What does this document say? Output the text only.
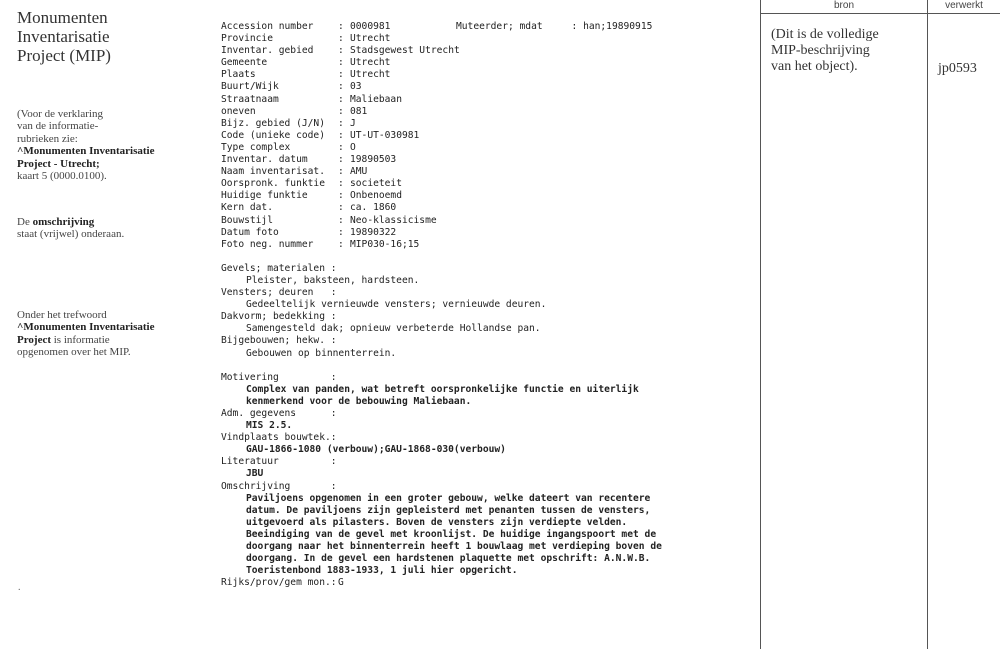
Monumenten
Inventarisatie
Project (MIP)
(Voor de verklaring
van de informatie-
rubrieken zie:
^Monumenten Inventarisatie
Project - Utrecht;
kaart 5 (0000.0100).
De omschrijving
staat (vrijwel) onderaan.
Onder het trefwoord
^Monumenten Inventarisatie
Project is informatie
opgenomen over het MIP.
.
Accession number	: 0000981	Muteerder; mdat     : han;19890915
Provincie	: Utrecht
Inventar. gebied	: Stadsgewest Utrecht
Gemeente	: Utrecht
Plaats	: Utrecht
Buurt/Wijk	: 03
Straatnaam	: Maliebaan
oneven	: 081
Bijz. gebied (J/N)	: J
Code (unieke code)	: UT-UT-030981
Type complex	: O
Inventar. datum	: 19890503
Naam inventarisat.	: AMU
Oorspronk. funktie	: societeit
Huidige funktie	: Onbenoemd
Kern dat.	: ca. 1860
Bouwstijl	: Neo-klassicisme
Datum foto	: 19890322
Foto neg. nummer	: MIP030-16;15
Gevels; materialen :
Pleister, baksteen, hardsteen.
Vensters; deuren   :
Gedeeltelijk vernieuwde vensters; vernieuwde deuren.
Dakvorm; bedekking :
Samengesteld dak; opnieuw verbeterde Hollandse pan.
Bijgebouwen; hekw. :
Gebouwen op binnenterrein.
Motivering         :
Complex van panden, wat betreft oorspronkelijke functie en uiterlijk
kenmerkend voor de bebouwing Maliebaan.
Adm. gegevens      :
MIS 2.5.
Vindplaats bouwtek.:
GAU-1866-1080 (verbouw);GAU-1868-030(verbouw)
Literatuur         :
JBU
Omschrijving       :
Paviljoens opgenomen in een groter gebouw, welke dateert van recentere
datum. De paviljoens zijn gepleisterd met penanten tussen de vensters,
uitgevoerd als pilasters. Boven de vensters zijn verdiepte velden.
Beeindiging van de gevel met kroonlijst. De huidige ingangspoort met de
doorgang naar het binnenterrein heeft 1 bouwlaag met verdieping boven de
doorgang. In de gevel een hardstenen plaquette met opschrift: A.N.W.B.
Toeristenbond 1883-1933, 1 juli hier opgericht.
Rijks/prov/gem mon.: G
bron	verwerkt
(Dit is de volledige
MIP-beschrijving
van het object).	jp0593
